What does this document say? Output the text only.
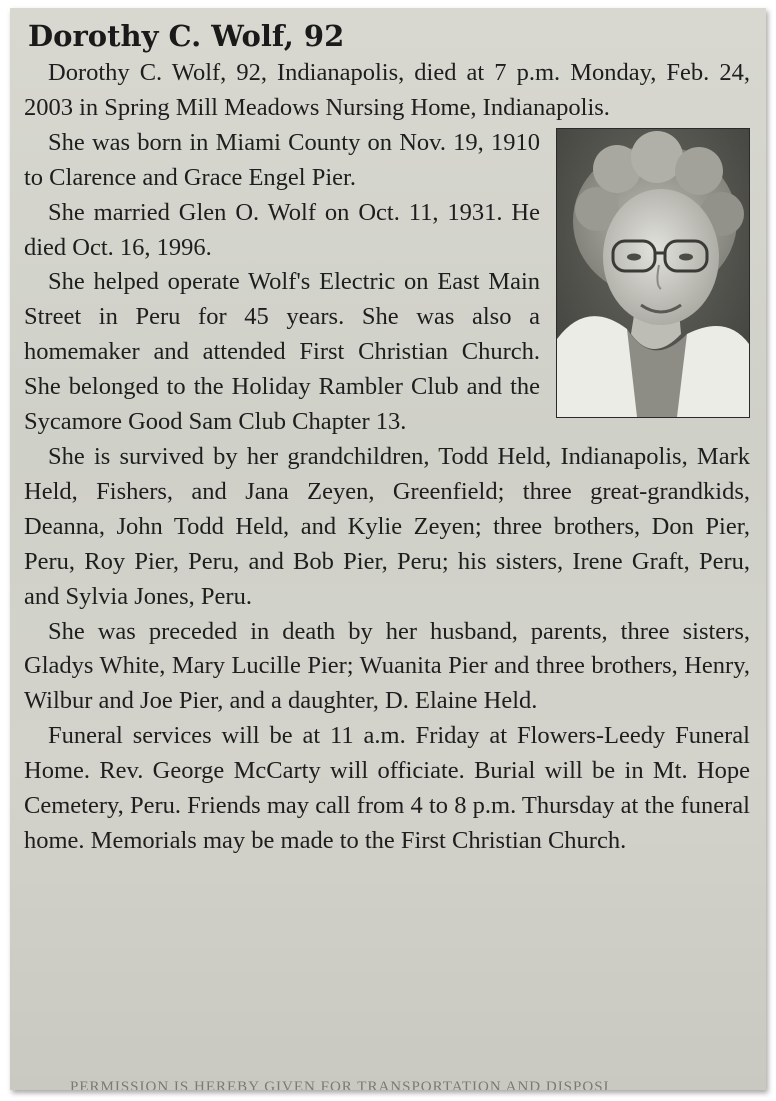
Dorothy C. Wolf, 92

Dorothy C. Wolf, 92, Indianapolis, died at 7 p.m. Monday, Feb. 24, 2003 in Spring Mill Meadows Nursing Home, Indianapolis.

She was born in Miami County on Nov. 19, 1910 to Clarence and Grace Engel Pier.

She married Glen O. Wolf on Oct. 11, 1931. He died Oct. 16, 1996.

She helped operate Wolf's Electric on East Main Street in Peru for 45 years. She was also a homemaker and attended First Christian Church. She belonged to the Holiday Rambler Club and the Sycamore Good Sam Club Chapter 13.

She is survived by her grandchildren, Todd Held, Indianapolis, Mark Held, Fishers, and Jana Zeyen, Greenfield; three great-grandkids, Deanna, John Todd Held, and Kylie Zeyen; three brothers, Don Pier, Peru, Roy Pier, Peru, and Bob Pier, Peru; his sisters, Irene Graft, Peru, and Sylvia Jones, Peru.

She was preceded in death by her husband, parents, three sisters, Gladys White, Mary Lucille Pier; Wuanita Pier and three brothers, Henry, Wilbur and Joe Pier, and a daughter, D. Elaine Held.

Funeral services will be at 11 a.m. Friday at Flowers-Leedy Funeral Home. Rev. George McCarty will officiate. Burial will be in Mt. Hope Cemetery, Peru. Friends may call from 4 to 8 p.m. Thursday at the funeral home. Memorials may be made to the First Christian Church.

PERMISSION IS HEREBY GIVEN FOR TRANSPORTATION AND DISPOSI
